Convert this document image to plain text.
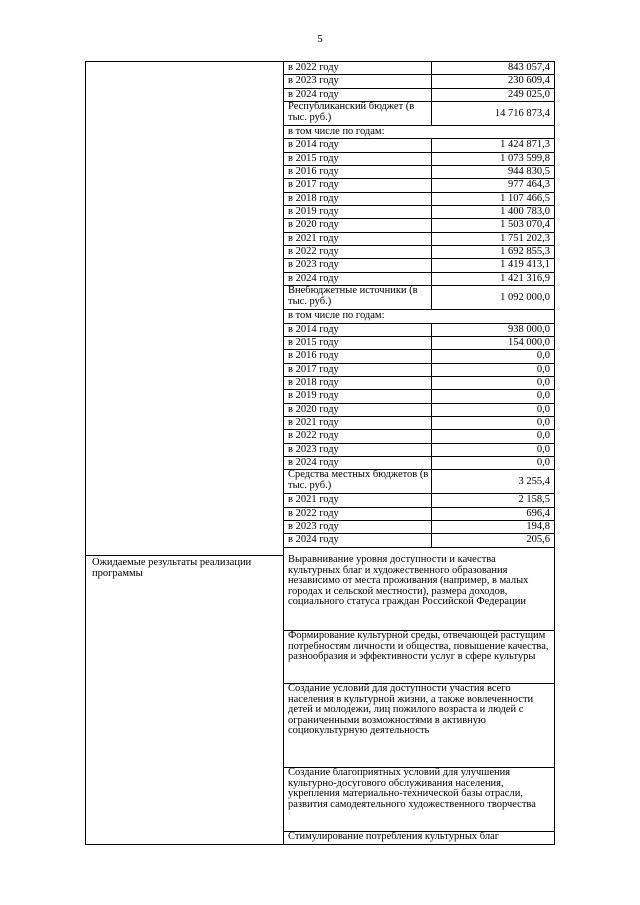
5
Ожидаемые результаты реализации программы
в 2022 году	843 057,4
в 2023 году	230 609,4
в 2024 году	249 025,0
Республиканский бюджет (в тыс. руб.)	14 716 873,4
в том числе по годам:
в 2014 году	1 424 871,3
в 2015 году	1 073 599,8
в 2016 году	944 830,5
в 2017 году	977 464,3
в 2018 году	1 107 466,5
в 2019 году	1 400 783,0
в 2020 году	1 503 070,4
в 2021 году	1 751 202,3
в 2022 году	1 692 855,3
в 2023 году	1 419 413,1
в 2024 году	1 421 316,9
Внебюджетные источники (в тыс. руб.)	1 092 000,0
в том числе по годам:
в 2014 году	938 000,0
в 2015 году	154 000,0
в 2016 году	0,0
в 2017 году	0,0
в 2018 году	0,0
в 2019 году	0,0
в 2020 году	0,0
в 2021 году	0,0
в 2022 году	0,0
в 2023 году	0,0
в 2024 году	0,0
Средства местных бюджетов (в тыс. руб.)	3 255,4
в 2021 году	2 158,5
в 2022 году	696,4
в 2023 году	194,8
в 2024 году	205,6
Выравнивание уровня доступности и качества культурных благ и художественного образования независимо от места проживания (например, в малых городах и сельской местности), размера доходов, социального статуса граждан Российской Федерации
Формирование культурной среды, отвечающей растущим потребностям личности и общества, повышение качества, разнообразия и эффективности услуг в сфере культуры
Создание условий для доступности участия всего населения в культурной жизни, а также вовлеченности детей и молодежи, лиц пожилого возраста и людей с ограниченными возможностями в активную социокультурную деятельность
Создание благоприятных условий для улучшения культурно-досугового обслуживания населения, укрепления материально-технической базы отрасли, развития самодеятельного художественного творчества
Стимулирование потребления культурных благ
